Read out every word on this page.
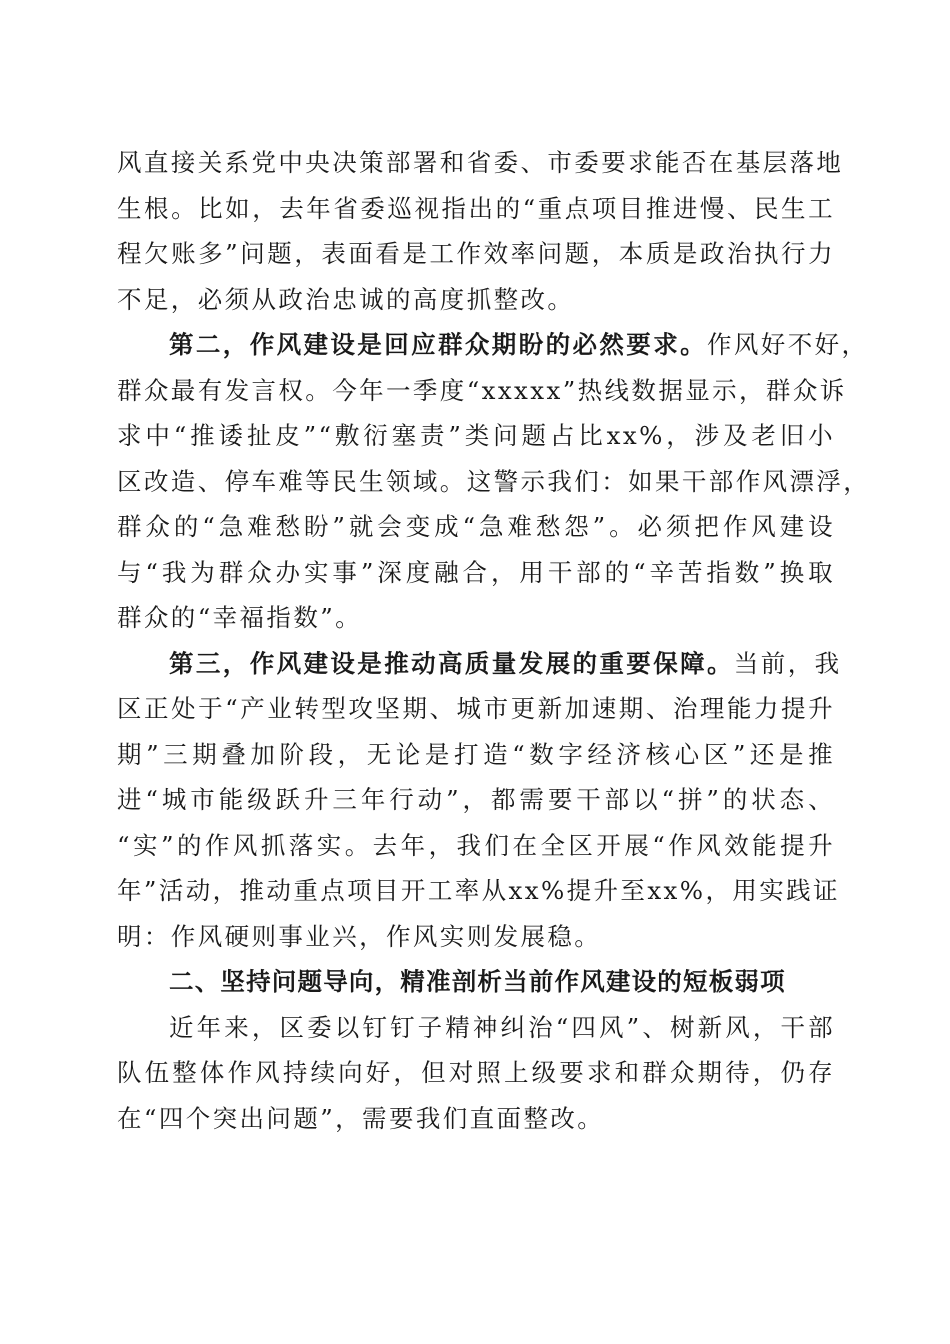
风直接关系党中央决策部署和省委、市委要求能否在基层落地
生根。比如，去年省委巡视指出的“重点项目推进慢、民生工
程欠账多”问题，表面看是工作效率问题，本质是政治执行力
不足，必须从政治忠诚的高度抓整改。
第二，作风建设是回应群众期盼的必然要求。作风好不好，
群众最有发言权。今年一季度“xxxxx”热线数据显示，群众诉
求中“推诿扯皮”“敷衍塞责”类问题占比xx%，涉及老旧小
区改造、停车难等民生领域。这警示我们：如果干部作风漂浮，
群众的“急难愁盼”就会变成“急难愁怨”。必须把作风建设
与“我为群众办实事”深度融合，用干部的“辛苦指数”换取
群众的“幸福指数”。
第三，作风建设是推动高质量发展的重要保障。当前，我
区正处于“产业转型攻坚期、城市更新加速期、治理能力提升
期”三期叠加阶段，无论是打造“数字经济核心区”还是推
进“城市能级跃升三年行动”，都需要干部以“拼”的状态、
“实”的作风抓落实。去年，我们在全区开展“作风效能提升
年”活动，推动重点项目开工率从xx%提升至xx%，用实践证
明：作风硬则事业兴，作风实则发展稳。
二、坚持问题导向，精准剖析当前作风建设的短板弱项
近年来，区委以钉钉子精神纠治“四风”、树新风，干部
队伍整体作风持续向好，但对照上级要求和群众期待，仍存
在“四个突出问题”，需要我们直面整改。
